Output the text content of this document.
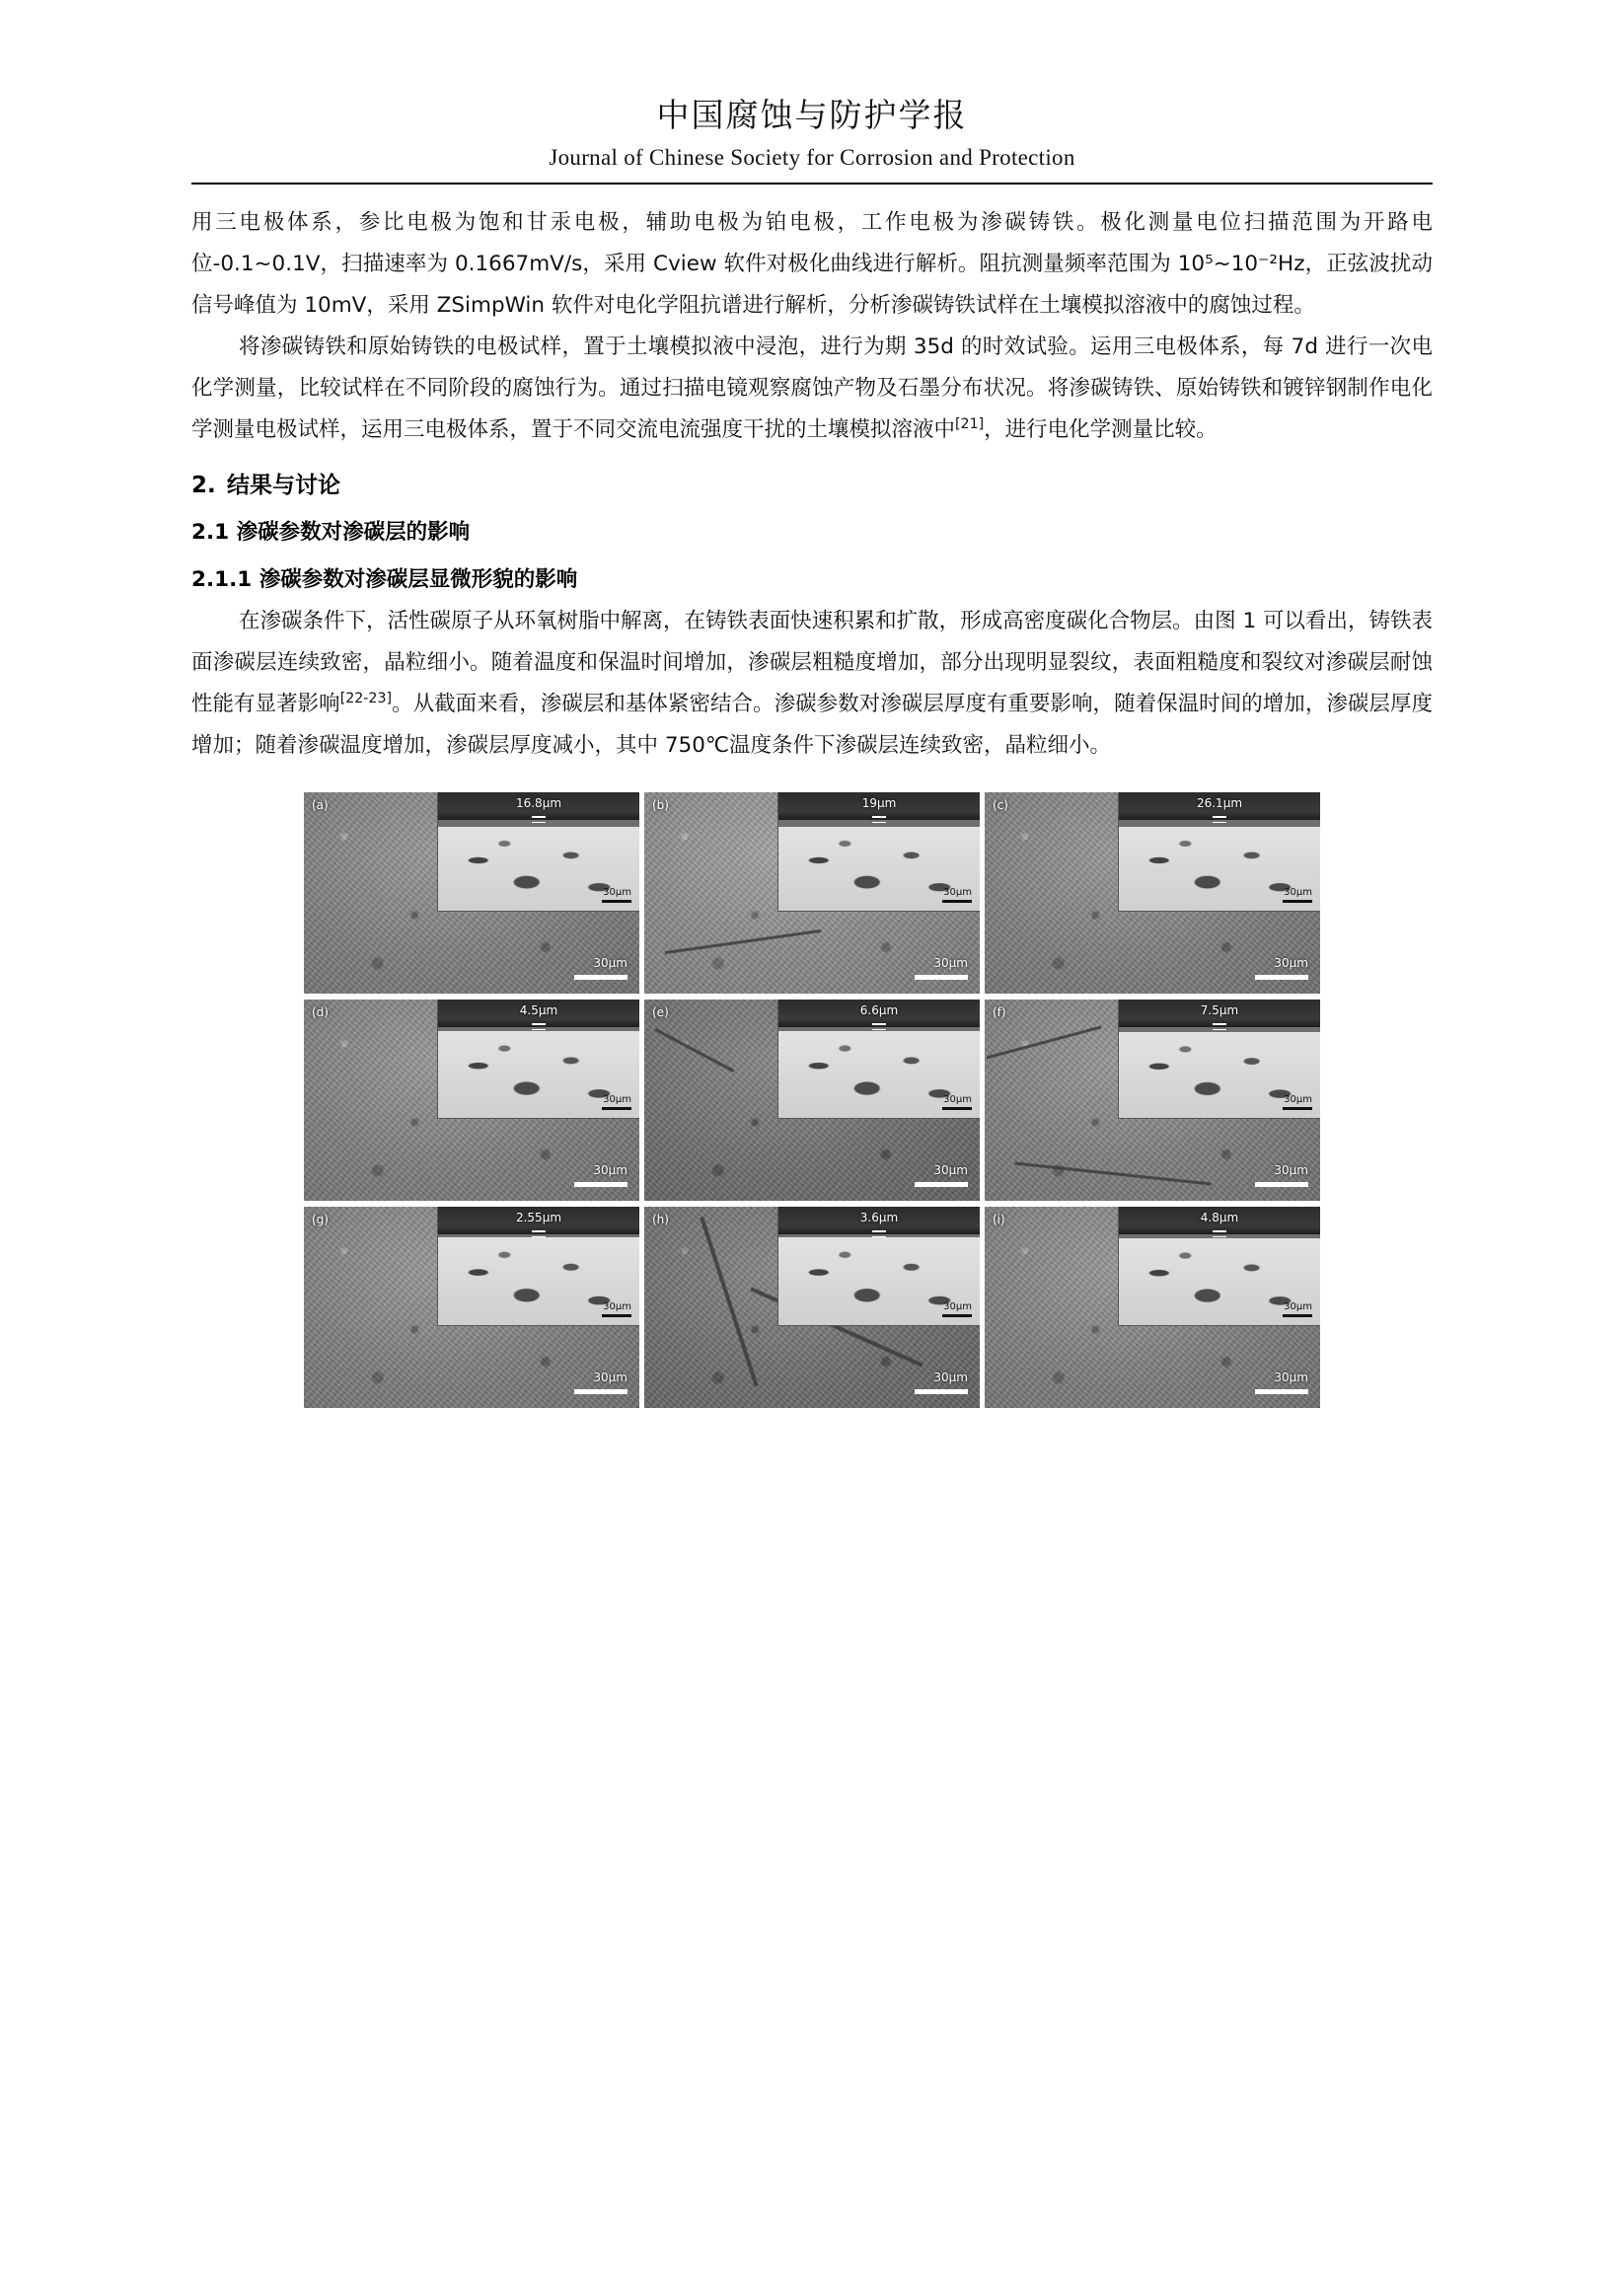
中国腐蚀与防护学报
Journal of Chinese Society for Corrosion and Protection

用三电极体系，参比电极为饱和甘汞电极，辅助电极为铂电极，工作电极为渗碳铸铁。极化测量电位扫描范围为开路电位-0.1~0.1V，扫描速率为 0.1667mV/s，采用 Cview 软件对极化曲线进行解析。阻抗测量频率范围为 10⁵~10⁻²Hz，正弦波扰动信号峰值为 10mV，采用 ZSimpWin 软件对电化学阻抗谱进行解析，分析渗碳铸铁试样在土壤模拟溶液中的腐蚀过程。

将渗碳铸铁和原始铸铁的电极试样，置于土壤模拟液中浸泡，进行为期 35d 的时效试验。运用三电极体系，每 7d 进行一次电化学测量，比较试样在不同阶段的腐蚀行为。通过扫描电镜观察腐蚀产物及石墨分布状况。将渗碳铸铁、原始铸铁和镀锌钢制作电化学测量电极试样，运用三电极体系，置于不同交流电流强度干扰的土壤模拟溶液中[21]，进行电化学测量比较。

2. 结果与讨论
2.1 渗碳参数对渗碳层的影响
2.1.1 渗碳参数对渗碳层显微形貌的影响

在渗碳条件下，活性碳原子从环氧树脂中解离，在铸铁表面快速积累和扩散，形成高密度碳化合物层。由图 1 可以看出，铸铁表面渗碳层连续致密，晶粒细小。随着温度和保温时间增加，渗碳层粗糙度增加，部分出现明显裂纹，表面粗糙度和裂纹对渗碳层耐蚀性能有显著影响[22-23]。从截面来看，渗碳层和基体紧密结合。渗碳参数对渗碳层厚度有重要影响，随着保温时间的增加，渗碳层厚度增加；随着渗碳温度增加，渗碳层厚度减小，其中 750℃温度条件下渗碳层连续致密，晶粒细小。

(a)	16.8μm
30μm
30μm
(b)	19μm
30μm
30μm
(c)	26.1μm
30μm
30μm
(d)	4.5μm
30μm
30μm
(e)	6.6μm
30μm
30μm
(f)	7.5μm
30μm
30μm
(g)	2.55μm
30μm
30μm
(h)	3.6μm
30μm
30μm
(i)	4.8μm
30μm
30μm
